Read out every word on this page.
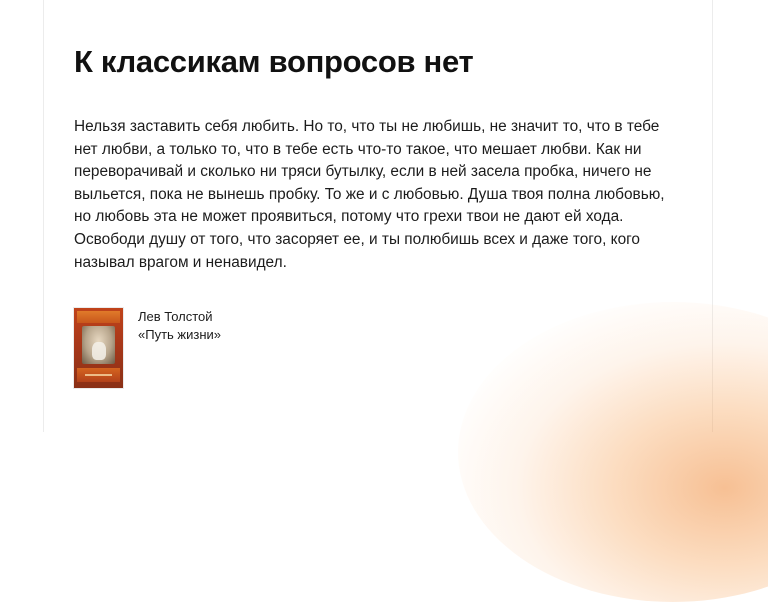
К классикам вопросов нет

Нельзя заставить себя любить. Но то, что ты не любишь, не значит то, что в тебе нет любви, а только то, что в тебе есть что-то такое, что мешает любви. Как ни переворачивай и сколько ни тряси бутылку, если в ней засела пробка, ничего не выльется, пока не вынешь пробку. То же и с любовью. Душа твоя полна любовью, но любовь эта не может проявиться, потому что грехи твои не дают ей хода. Освободи душу от того, что засоряет ее, и ты полюбишь всех и даже того, кого называл врагом и ненавидел.

Лев Толстой
«Путь жизни»
